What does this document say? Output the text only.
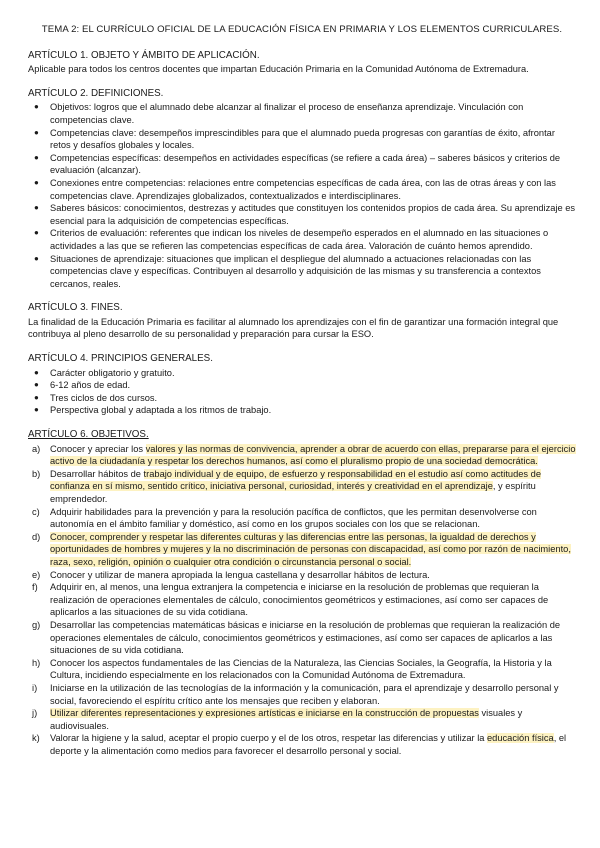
TEMA 2: EL CURRÍCULO OFICIAL DE LA EDUCACIÓN FÍSICA EN PRIMARIA Y LOS ELEMENTOS CURRICULARES.
ARTÍCULO 1. OBJETO Y ÁMBITO DE APLICACIÓN.

Aplicable para todos los centros docentes que impartan Educación Primaria en la Comunidad Autónoma de Extremadura.

ARTÍCULO 2. DEFINICIONES.
● Objetivos: logros que el alumnado debe alcanzar al finalizar el proceso de enseñanza aprendizaje. Vinculación con competencias clave.
● Competencias clave: desempeños imprescindibles para que el alumnado pueda progresas con garantías de éxito, afrontar retos y desafíos globales y locales.
● Competencias específicas: desempeños en actividades específicas (se refiere a cada área) – saberes básicos y criterios de evaluación (alcanzar).
● Conexiones entre competencias: relaciones entre competencias específicas de cada área, con las de otras áreas y con las competencias clave. Aprendizajes globalizados, contextualizados e interdisciplinares.
● Saberes básicos: conocimientos, destrezas y actitudes que constituyen los contenidos propios de cada área. Su aprendizaje es esencial para la adquisición de competencias específicas.
● Criterios de evaluación: referentes que indican los niveles de desempeño esperados en el alumnado en las situaciones o actividades a las que se refieren las competencias específicas de cada área. Valoración de cuánto hemos aprendido.
● Situaciones de aprendizaje: situaciones que implican el despliegue del alumnado a actuaciones relacionadas con las competencias clave y específicas. Contribuyen al desarrollo y adquisición de las mismas y su transferencia a contextos cercanos, reales.
ARTÍCULO 3. FINES.

La finalidad de la Educación Primaria es facilitar al alumnado los aprendizajes con el fin de garantizar una formación integral que contribuya al pleno desarrollo de su personalidad y preparación para cursar la ESO.

ARTÍCULO 4. PRINCIPIOS GENERALES.
● Carácter obligatorio y gratuito.
● 6-12 años de edad.
● Tres ciclos de dos cursos.
● Perspectiva global y adaptada a los ritmos de trabajo.
ARTÍCULO 6. OBJETIVOS.
a) Conocer y apreciar los valores y las normas de convivencia, aprender a obrar de acuerdo con ellas, prepararse para el ejercicio activo de la ciudadanía y respetar los derechos humanos, así como el pluralismo propio de una sociedad democrática.
b) Desarrollar hábitos de trabajo individual y de equipo, de esfuerzo y responsabilidad en el estudio así como actitudes de confianza en sí mismo, sentido crítico, iniciativa personal, curiosidad, interés y creatividad en el aprendizaje, y espíritu emprendedor.
c) Adquirir habilidades para la prevención y para la resolución pacífica de conflictos, que les permitan desenvolverse con autonomía en el ámbito familiar y doméstico, así como en los grupos sociales con los que se relacionan.
d) Conocer, comprender y respetar las diferentes culturas y las diferencias entre las personas, la igualdad de derechos y oportunidades de hombres y mujeres y la no discriminación de personas con discapacidad, así como por razón de nacimiento, raza, sexo, religión, opinión o cualquier otra condición o circunstancia personal o social.
e) Conocer y utilizar de manera apropiada la lengua castellana y desarrollar hábitos de lectura.
f) Adquirir en, al menos, una lengua extranjera la competencia e iniciarse en la resolución de problemas que requieran la realización de operaciones elementales de cálculo, conocimientos geométricos y estimaciones, así como ser capaces de aplicarlos a las situaciones de su vida cotidiana.
g) Desarrollar las competencias matemáticas básicas e iniciarse en la resolución de problemas que requieran la realización de operaciones elementales de cálculo, conocimientos geométricos y estimaciones, así como ser capaces de aplicarlos a las situaciones de su vida cotidiana.
h) Conocer los aspectos fundamentales de las Ciencias de la Naturaleza, las Ciencias Sociales, la Geografía, la Historia y la Cultura, incidiendo especialmente en los relacionados con la Comunidad Autónoma de Extremadura.
i) Iniciarse en la utilización de las tecnologías de la información y la comunicación, para el aprendizaje y desarrollo personal y social, favoreciendo el espíritu crítico ante los mensajes que reciben y elaboran.
j) Utilizar diferentes representaciones y expresiones artísticas e iniciarse en la construcción de propuestas visuales y audiovisuales.
k) Valorar la higiene y la salud, aceptar el propio cuerpo y el de los otros, respetar las diferencias y utilizar la educación física, el deporte y la alimentación como medios para favorecer el desarrollo personal y social.
